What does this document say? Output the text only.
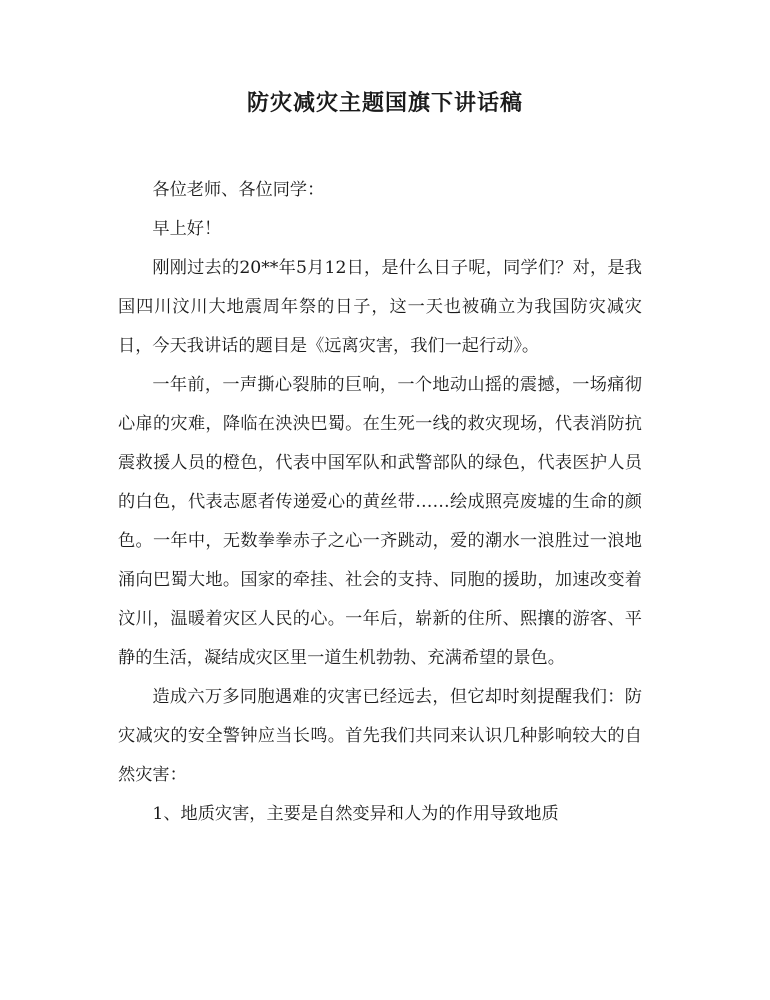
防灾减灾主题国旗下讲话稿

各位老师、各位同学：

早上好！

刚刚过去的20**年5月12日，是什么日子呢，同学们？对，是我国四川汶川大地震周年祭的日子，这一天也被确立为我国防灾减灾日，今天我讲话的题目是《远离灾害，我们一起行动》。

一年前，一声撕心裂肺的巨响，一个地动山摇的震撼，一场痛彻心扉的灾难，降临在泱泱巴蜀。在生死一线的救灾现场，代表消防抗震救援人员的橙色，代表中国军队和武警部队的绿色，代表医护人员的白色，代表志愿者传递爱心的黄丝带……绘成照亮废墟的生命的颜色。一年中，无数拳拳赤子之心一齐跳动，爱的潮水一浪胜过一浪地涌向巴蜀大地。国家的牵挂、社会的支持、同胞的援助，加速改变着汶川，温暖着灾区人民的心。一年后，崭新的住所、熙攘的游客、平静的生活，凝结成灾区里一道生机勃勃、充满希望的景色。

造成六万多同胞遇难的灾害已经远去，但它却时刻提醒我们：防灾减灾的安全警钟应当长鸣。首先我们共同来认识几种影响较大的自然灾害：

1、地质灾害，主要是自然变异和人为的作用导致地质
